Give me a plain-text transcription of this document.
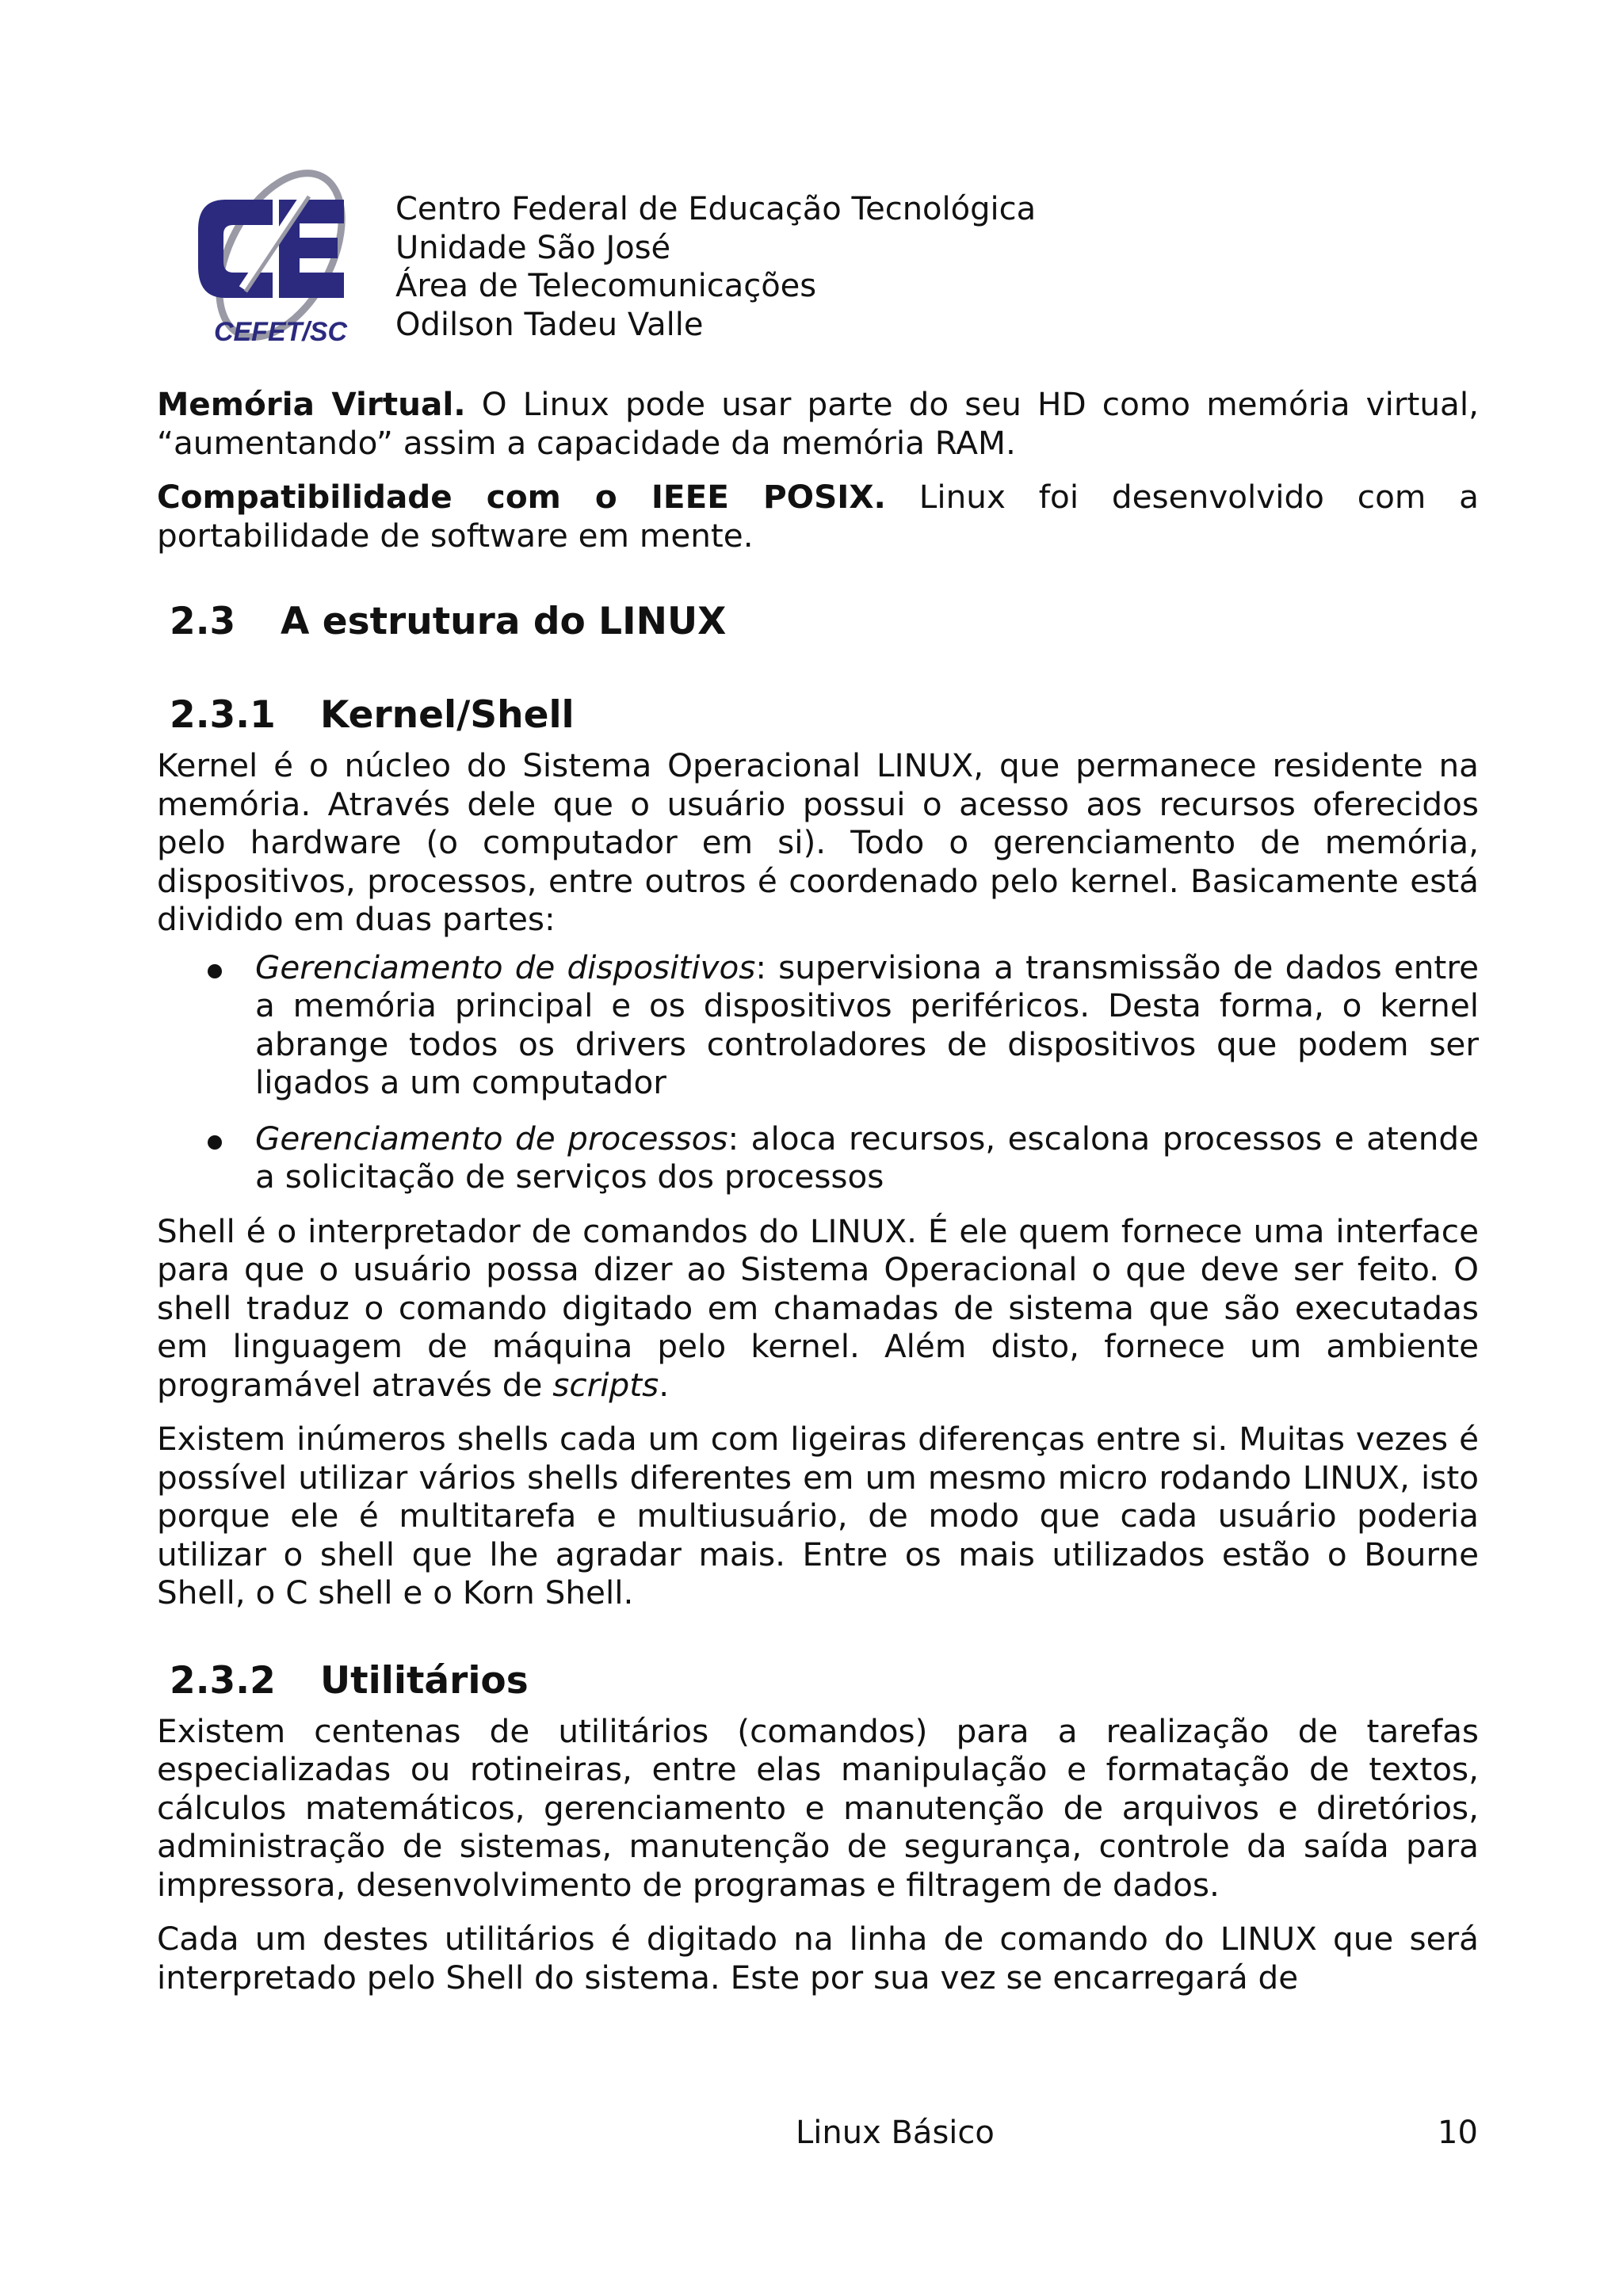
CEFET/SC
Centro Federal de Educação Tecnológica
Unidade São José
Área de Telecomunicações
Odilson Tadeu Valle

Memória Virtual. O Linux pode usar parte do seu HD como memória virtual, “aumentando” assim a capacidade da memória RAM.

Compatibilidade com o IEEE POSIX. Linux foi desenvolvido com a portabilidade de software em mente.

2.3 A estrutura do LINUX
2.3.1 Kernel/Shell

Kernel é o núcleo do Sistema Operacional LINUX, que permanece residente na memória. Através dele que o usuário possui o acesso aos recursos oferecidos pelo hardware (o computador em si). Todo o gerenciamento de memória, dispositivos, processos, entre outros é coordenado pelo kernel. Basicamente está dividido em duas partes:

Gerenciamento de dispositivos: supervisiona a transmissão de dados entre a memória principal e os dispositivos periféricos. Desta forma, o kernel abrange todos os drivers controladores de dispositivos que podem ser ligados a um computador
Gerenciamento de processos: aloca recursos, escalona processos e atende a solicitação de serviços dos processos

Shell é o interpretador de comandos do LINUX. É ele quem fornece uma interface para que o usuário possa dizer ao Sistema Operacional o que deve ser feito. O shell traduz o comando digitado em chamadas de sistema que são executadas em linguagem de máquina pelo kernel. Além disto, fornece um ambiente programável através de scripts.

Existem inúmeros shells cada um com ligeiras diferenças entre si. Muitas vezes é possível utilizar vários shells diferentes em um mesmo micro rodando LINUX, isto porque ele é multitarefa e multiusuário, de modo que cada usuário poderia utilizar o shell que lhe agradar mais. Entre os mais utilizados estão o Bourne Shell, o C shell e o Korn Shell.

2.3.2 Utilitários

Existem centenas de utilitários (comandos) para a realização de tarefas especializadas ou rotineiras, entre elas manipulação e formatação de textos, cálculos matemáticos, gerenciamento e manutenção de arquivos e diretórios, administração de sistemas, manutenção de segurança, controle da saída para impressora, desenvolvimento de programas e filtragem de dados.

Cada um destes utilitários é digitado na linha de comando do LINUX que será interpretado pelo Shell do sistema. Este por sua vez se encarregará de

Linux Básico	10
